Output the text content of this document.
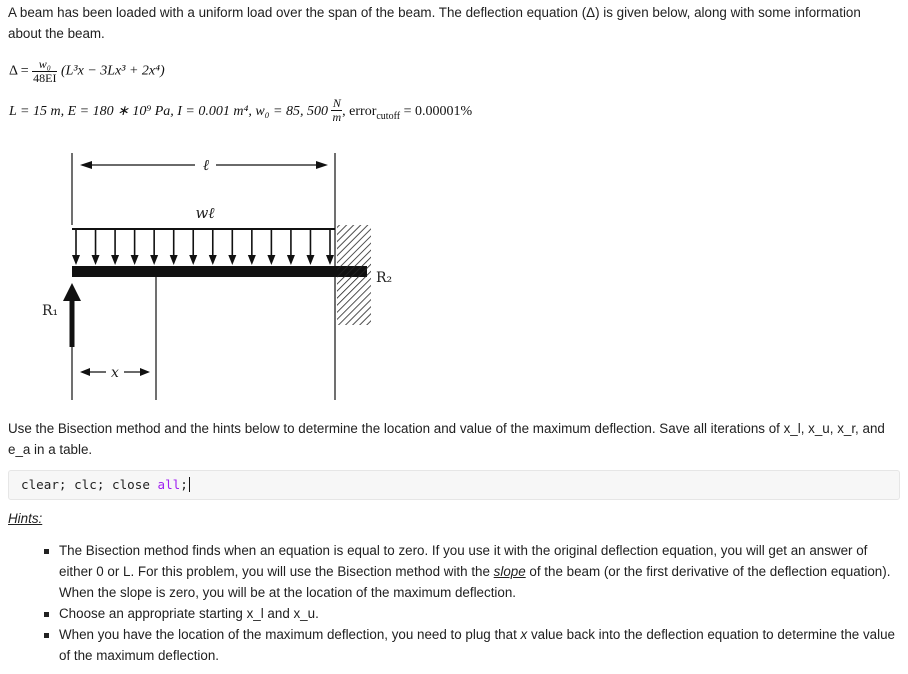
A beam has been loaded with a uniform load over the span of the beam. The deflection equation (Δ) is given below, along with some information about the beam.
$\Delta = \frac{\text{w₀}}{48EI} (L^3x - 3Lx^3 + 2x^4)$
L = 15 m, E = 180 ∗ 10⁹ Pa, I = 0.001 m⁴, w₀ = 85, $500 \frac{N}{m}$ , error$_{cutoff}$ = 0.00001%
ℓ
wℓ
R₂
R₁
x
Use the Bisection method and the hints below to determine the location and value of the maximum deflection. Save all iterations of x_l, x_u, x_r, and e_a in a table.
clear; clc; close all;
Hints:
The Bisection method finds when an equation is equal to zero. If you use it with the original deflection equation, you will get an answer of either 0 or L. For this problem, you will use the Bisection method with the slope of the beam (or the first derivative of the deflection equation). When the slope is zero, you will be at the location of the maximum deflection.
Choose an appropriate starting x_l and x_u.
When you have the location of the maximum deflection, you need to plug that x value back into the deflection equation to determine the value of the maximum deflection.
